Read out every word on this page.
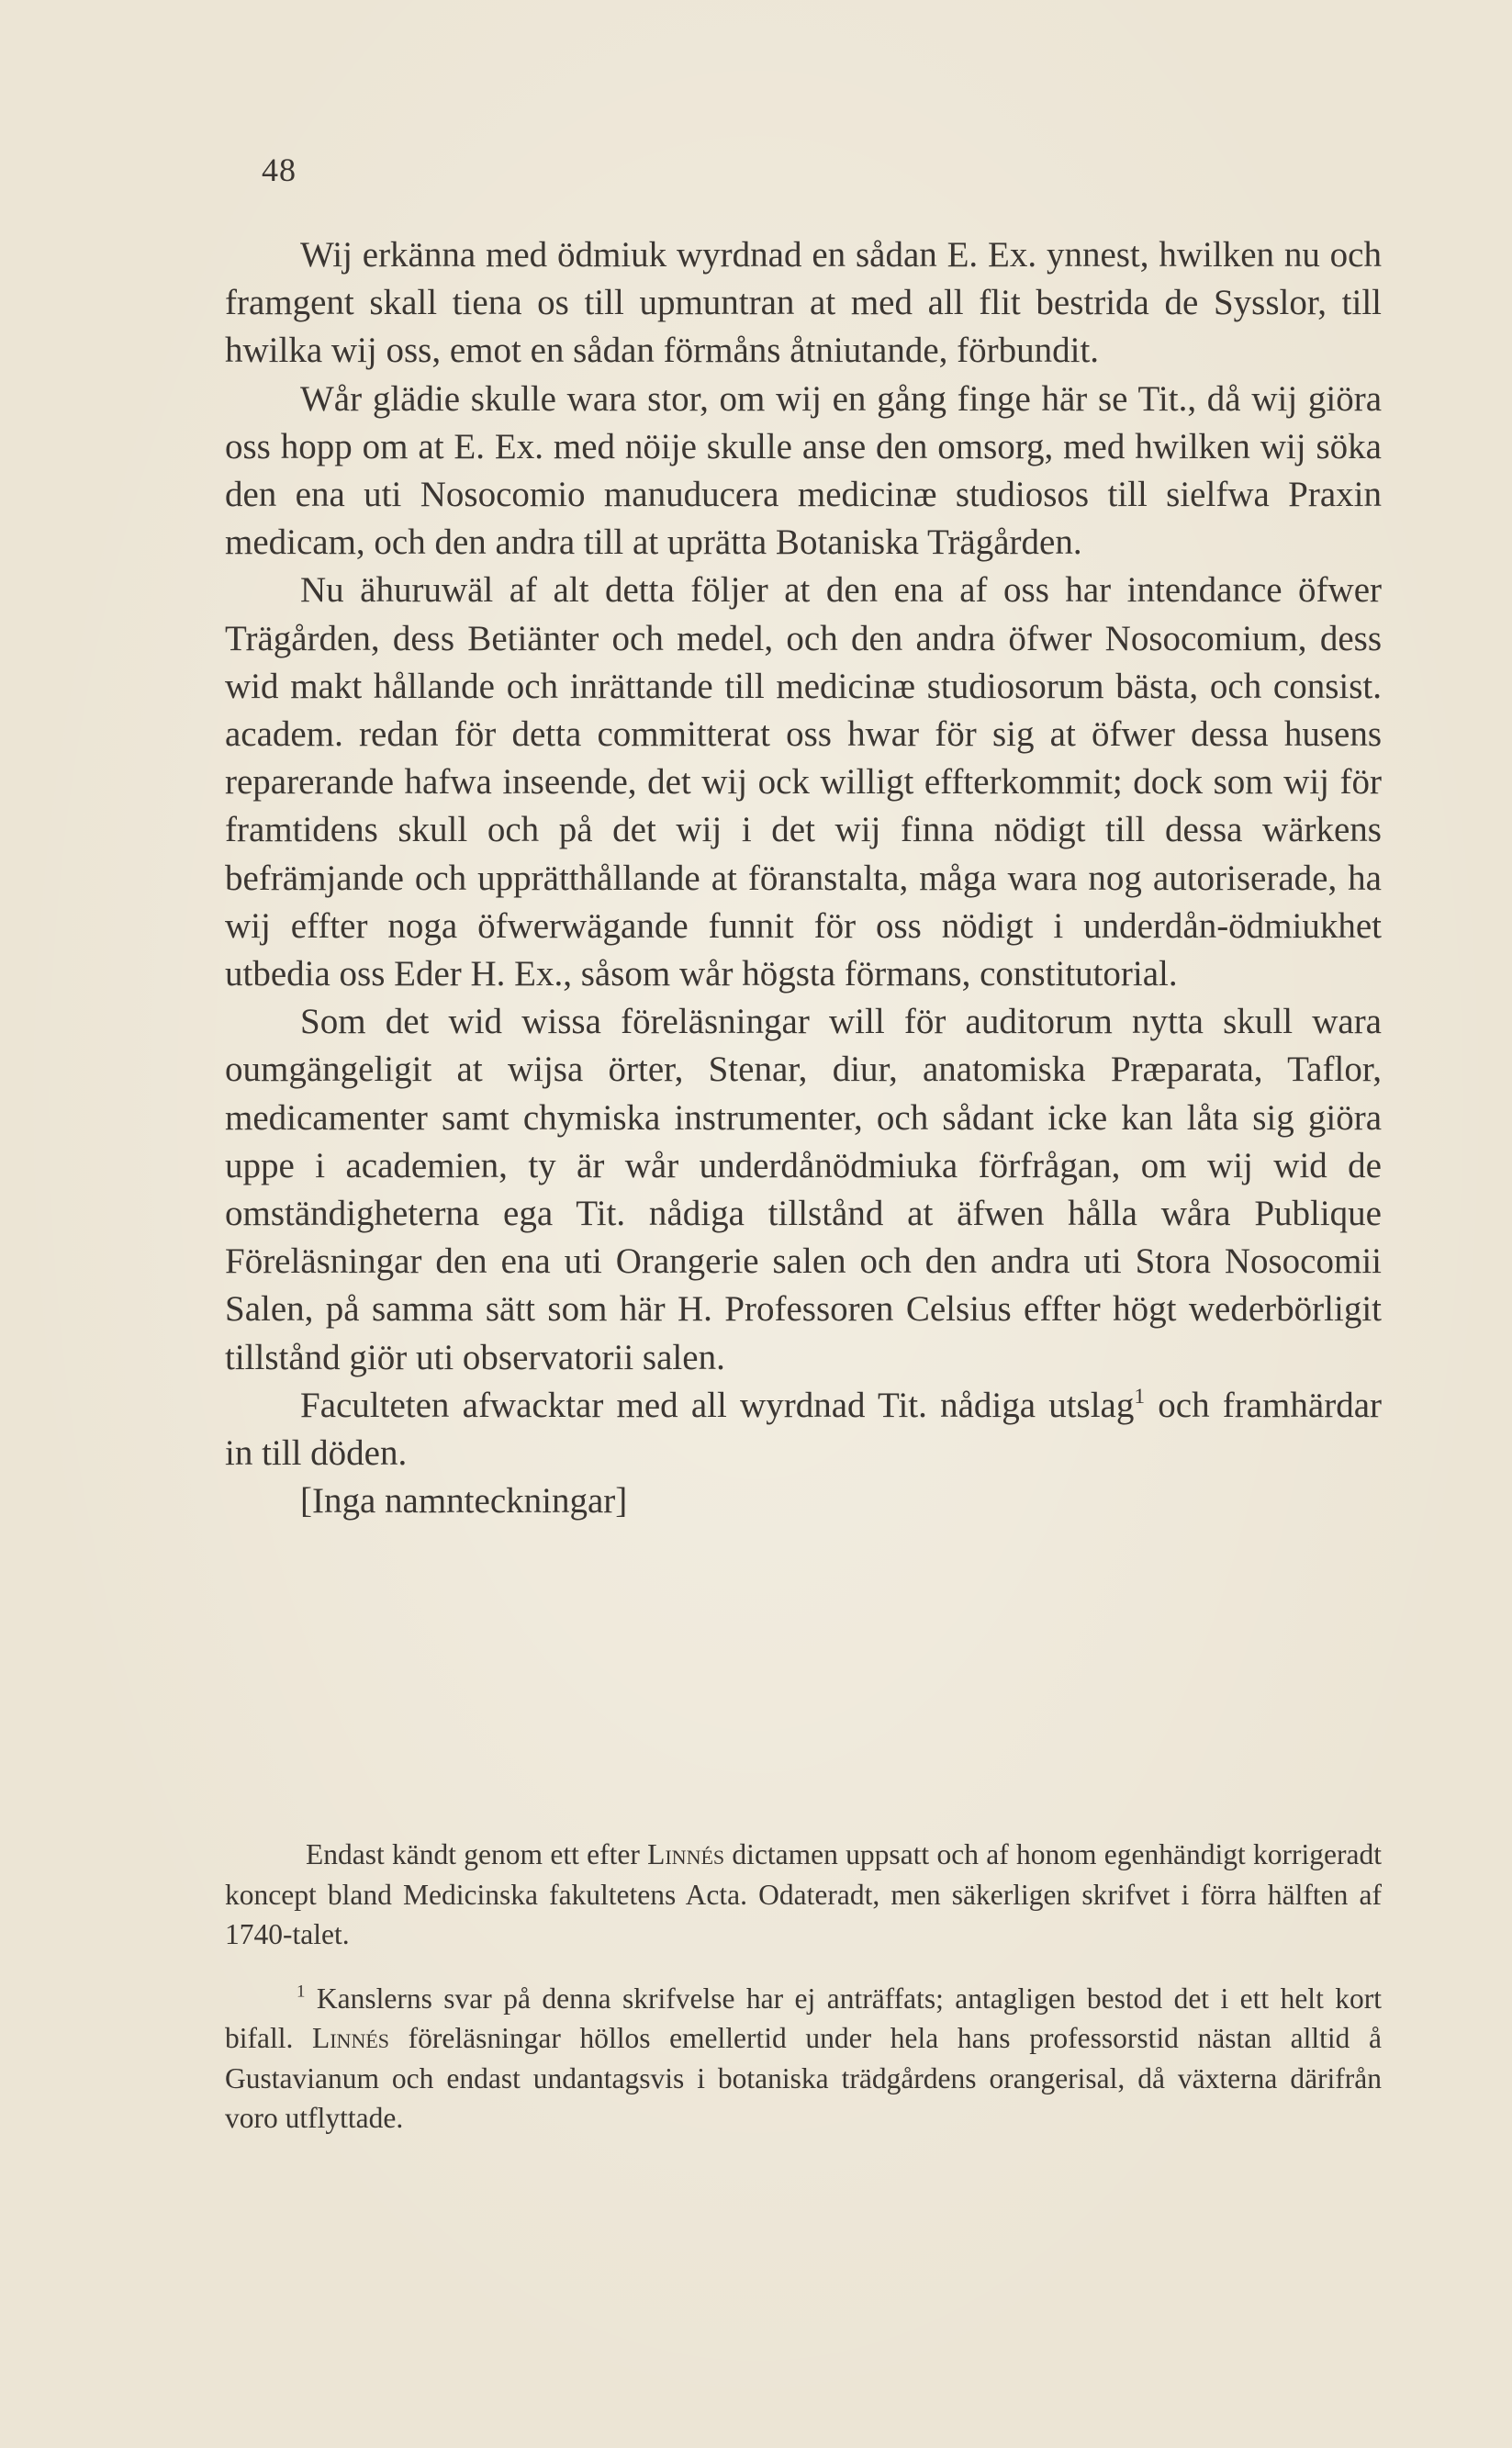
48

Wij erkänna med ödmiuk wyrdnad en sådan E. Ex. ynnest, hwilken nu och framgent skall tiena os till upmuntran at med all flit bestrida de Sysslor, till hwilka wij oss, emot en sådan förmåns åtniutande, förbundit.

Wår glädie skulle wara stor, om wij en gång finge här se Tit., då wij giöra oss hopp om at E. Ex. med nöije skulle anse den omsorg, med hwilken wij söka den ena uti Nosocomio manuducera medicinæ studiosos till sielfwa Praxin medicam, och den andra till at uprätta Botaniska Trägården.

Nu ähuruwäl af alt detta följer at den ena af oss har intendance öfwer Trägården, dess Betiänter och medel, och den andra öfwer Nosocomium, dess wid makt hållande och inrättande till medicinæ studiosorum bästa, och consist. academ. redan för detta committerat oss hwar för sig at öfwer dessa husens reparerande hafwa inseende, det wij ock willigt effterkommit; dock som wij för framtidens skull och på det wij i det wij finna nödigt till dessa wärkens befrämjande och upprätthållande at föranstalta, måga wara nog autoriserade, ha wij effter noga öfwerwägande funnit för oss nödigt i underdån-ödmiukhet utbedia oss Eder H. Ex., såsom wår högsta förmans, constitutorial.

Som det wid wissa föreläsningar will för auditorum nytta skull wara oumgängeligit at wijsa örter, Stenar, diur, anatomiska Præparata, Taflor, medicamenter samt chymiska instrumenter, och sådant icke kan låta sig giöra uppe i academien, ty är wår underdånödmiuka förfrågan, om wij wid de omständigheterna ega Tit. nådiga tillstånd at äfwen hålla wåra Publique Föreläsningar den ena uti Orangerie salen och den andra uti Stora Nosocomii Salen, på samma sätt som här H. Professoren Celsius effter högt wederbörligit tillstånd giör uti observatorii salen.

Faculteten afwacktar med all wyrdnad Tit. nådiga utslag$^1$ och framhärdar in till döden.

[Inga namnteckningar]

Endast kändt genom ett efter Linnés dictamen uppsatt och af honom egenhändigt korrigeradt koncept bland Medicinska fakultetens Acta. Odateradt, men säkerligen skrifvet i förra hälften af 1740-talet.

$^1$ Kanslerns svar på denna skrifvelse har ej anträffats; antagligen bestod det i ett helt kort bifall. Linnés föreläsningar höllos emellertid under hela hans professorstid nästan alltid å Gustavianum och endast undantagsvis i botaniska trädgårdens orangerisal, då växterna därifrån voro utflyttade.
